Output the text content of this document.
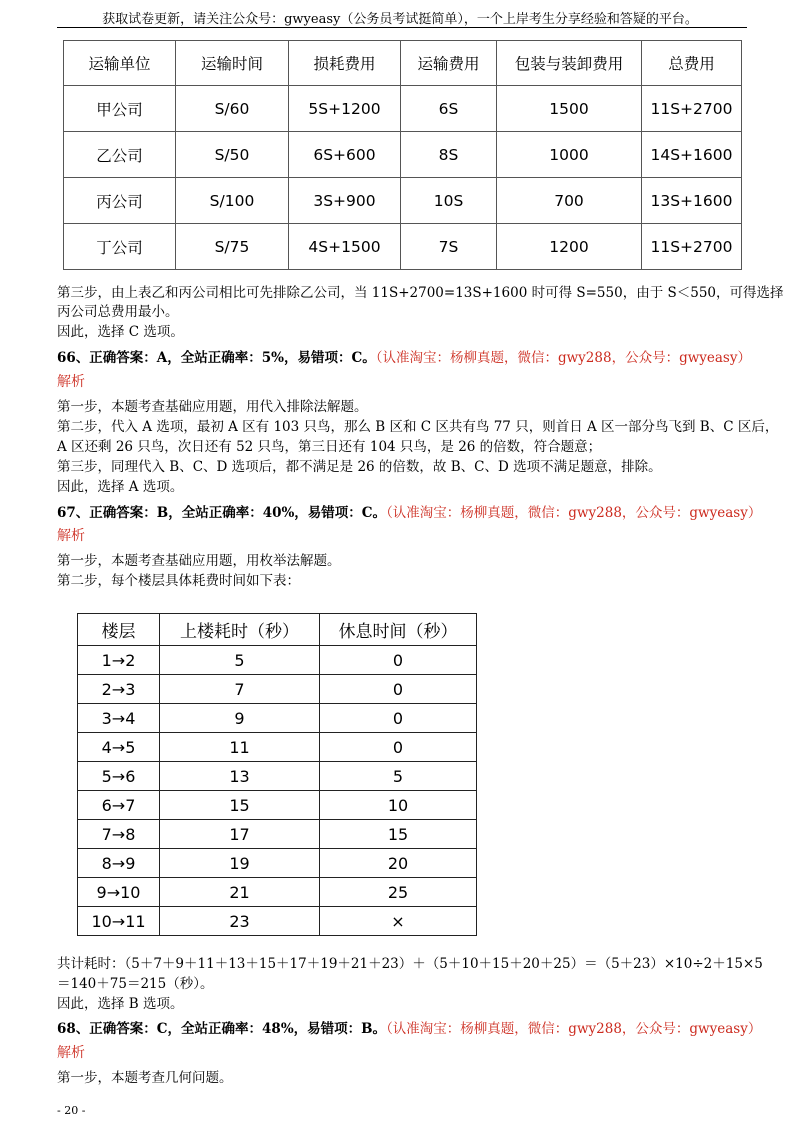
获取试卷更新，请关注公众号：gwyeasy（公务员考试挺简单），一个上岸考生分享经验和答疑的平台。
运输单位	运输时间	损耗费用	运输费用	包装与装卸费用	总费用
甲公司	S/60	5S+1200	6S	1500	11S+2700
乙公司	S/50	6S+600	8S	1000	14S+1600
丙公司	S/100	3S+900	10S	700	13S+1600
丁公司	S/75	4S+1500	7S	1200	11S+2700
第三步，由上表乙和丙公司相比可先排除乙公司，当 11S+2700=13S+1600 时可得 S=550，由于 S＜550，可得选择
丙公司总费用最小。
因此，选择 C 选项。
66、正确答案：A，全站正确率：5%，易错项：C。（认准淘宝：杨柳真题，微信：gwy288，公众号：gwyeasy）
解析
第一步，本题考查基础应用题，用代入排除法解题。
第二步，代入 A 选项，最初 A 区有 103 只鸟，那么 B 区和 C 区共有鸟 77 只，则首日 A 区一部分鸟飞到 B、C 区后，
A 区还剩 26 只鸟，次日还有 52 只鸟，第三日还有 104 只鸟，是 26 的倍数，符合题意；
第三步，同理代入 B、C、D 选项后，都不满足是 26 的倍数，故 B、C、D 选项不满足题意，排除。
因此，选择 A 选项。
67、正确答案：B，全站正确率：40%，易错项：C。（认准淘宝：杨柳真题，微信：gwy288，公众号：gwyeasy）
解析
第一步，本题考查基础应用题，用枚举法解题。
第二步，每个楼层具体耗费时间如下表：
楼层	上楼耗时（秒）	休息时间（秒）
1→2	5	0
2→3	7	0
3→4	9	0
4→5	11	0
5→6	13	5
6→7	15	10
7→8	17	15
8→9	19	20
9→10	21	25
10→11	23	×
共计耗时：（5＋7＋9＋11＋13＋15＋17＋19＋21＋23）＋（5＋10＋15＋20＋25）＝（5＋23）×10÷2＋15×5
＝140＋75＝215（秒）。
因此，选择 B 选项。
68、正确答案：C，全站正确率：48%，易错项：B。（认准淘宝：杨柳真题，微信：gwy288，公众号：gwyeasy）
解析
第一步，本题考查几何问题。
- 20 -
